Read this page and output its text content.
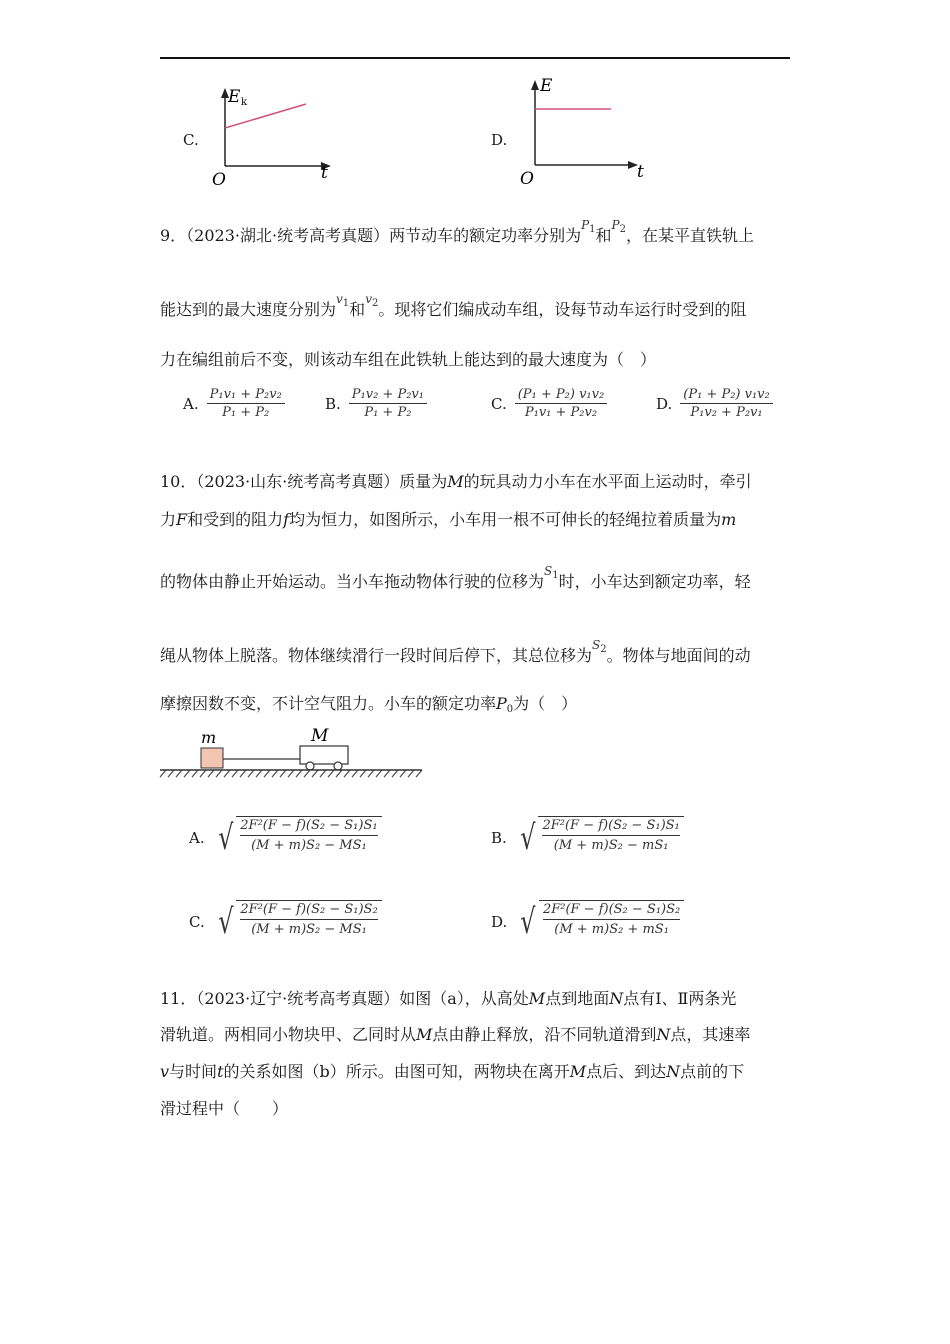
C.
E k
t
O
D.
E
t
O
9．（2023·湖北·统考高考真题）两节动车的额定功率分别为$^{P_1}$和$^{P_2}$，在某平直铁轨上
能达到的最大速度分别为$^{v_1}$和$^{v_2}$。现将它们编成动车组，设每节动车运行时受到的阻
力在编组前后不变，则该动车组在此铁轨上能达到的最大速度为（　）
A. $\frac{\text{P₁v₁ + P₂v₂}}{\text{P₁ + P₂}}$	B. $\frac{\text{P₁v₂ + P₂v₁}}{\text{P₁ + P₂}}$	C. $\frac{\text{(P₁ + P₂) v₁v₂}}{\text{P₁v₁ + P₂v₂}}$	D. $\frac{\text{(P₁ + P₂) v₁v₂}}{\text{P₁v₂ + P₂v₁}}$
10．（2023·山东·统考高考真题）质量为M的玩具动力小车在水平面上运动时，牵引
力F和受到的阻力f均为恒力，如图所示，小车用一根不可伸长的轻绳拉着质量为m
的物体由静止开始运动。当小车拖动物体行驶的位移为$^{S_1}$时，小车达到额定功率，轻
绳从物体上脱落。物体继续滑行一段时间后停下，其总位移为$^{S_2}$。物体与地面间的动
摩擦因数不变，不计空气阻力。小车的额定功率$P_0$为（　）
m	M
A. √ $\frac{\text{2F²(F − f)(S₂ − S₁)S₁}}{\text{(M + m)S₂ − MS₁}}$	B. √ $\frac{\text{2F²(F − f)(S₂ − S₁)S₁}}{\text{(M + m)S₂ − mS₁}}$
C. √ $\frac{\text{2F²(F − f)(S₂ − S₁)S₂}}{\text{(M + m)S₂ − MS₁}}$	D. √ $\frac{\text{2F²(F − f)(S₂ − S₁)S₂}}{\text{(M + m)S₂ + mS₁}}$
11．（2023·辽宁·统考高考真题）如图（a），从高处M点到地面N点有Ⅰ、Ⅱ两条光
滑轨道。两相同小物块甲、乙同时从M点由静止释放，沿不同轨道滑到N点，其速率
v与时间t的关系如图（b）所示。由图可知，两物块在离开M点后、到达N点前的下
滑过程中（　　）
